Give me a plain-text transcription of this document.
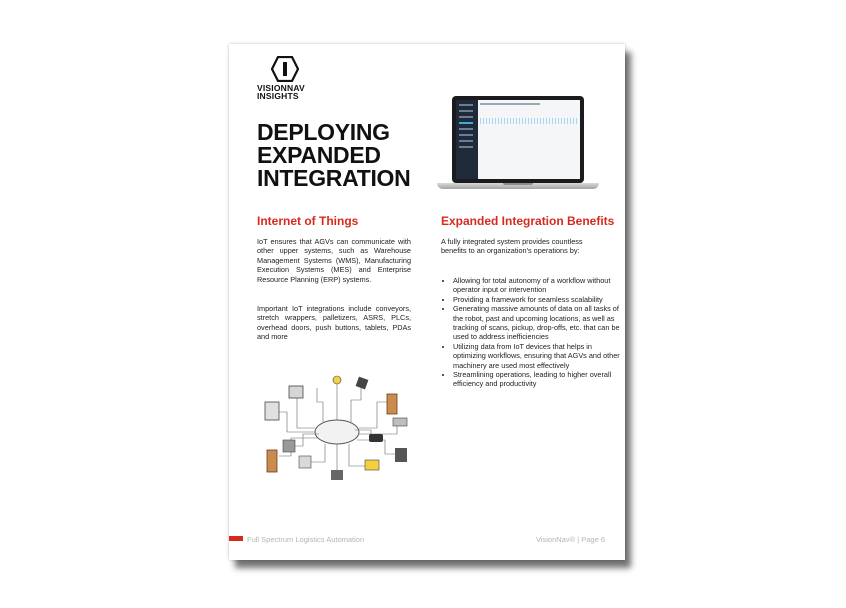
VISIONNAV
INSIGHTS
DEPLOYING
EXPANDED
INTEGRATION
Internet of Things	Expanded Integration Benefits
IoT ensures that AGVs can communicate with other upper systems, such as Warehouse Management Systems (WMS), Manufacturing Execution Systems (MES) and Enterprise Resource Planning (ERP) systems.
Important IoT integrations include conveyors, stretch wrappers, palletizers, ASRS, PLCs, overhead doors, push buttons, tablets, PDAs and more
A fully integrated system provides countless benefits to an organization's operations by:
• Allowing for total autonomy of a workflow without operator input or intervention
• Providing a framework for seamless scalability
• Generating massive amounts of data on all tasks of the robot, past and upcoming locations, as well as tracking of scans, pickup, drop-offs, etc. that can be used to address inefficiencies
• Utilizing data from IoT devices that helps in optimizing workflows, ensuring that AGVs and other machinery are used most effectively
• Streamlining operations, leading to higher overall efficiency and productivity
Full Spectrum Logistics Automation	VisionNav® | Page 6
